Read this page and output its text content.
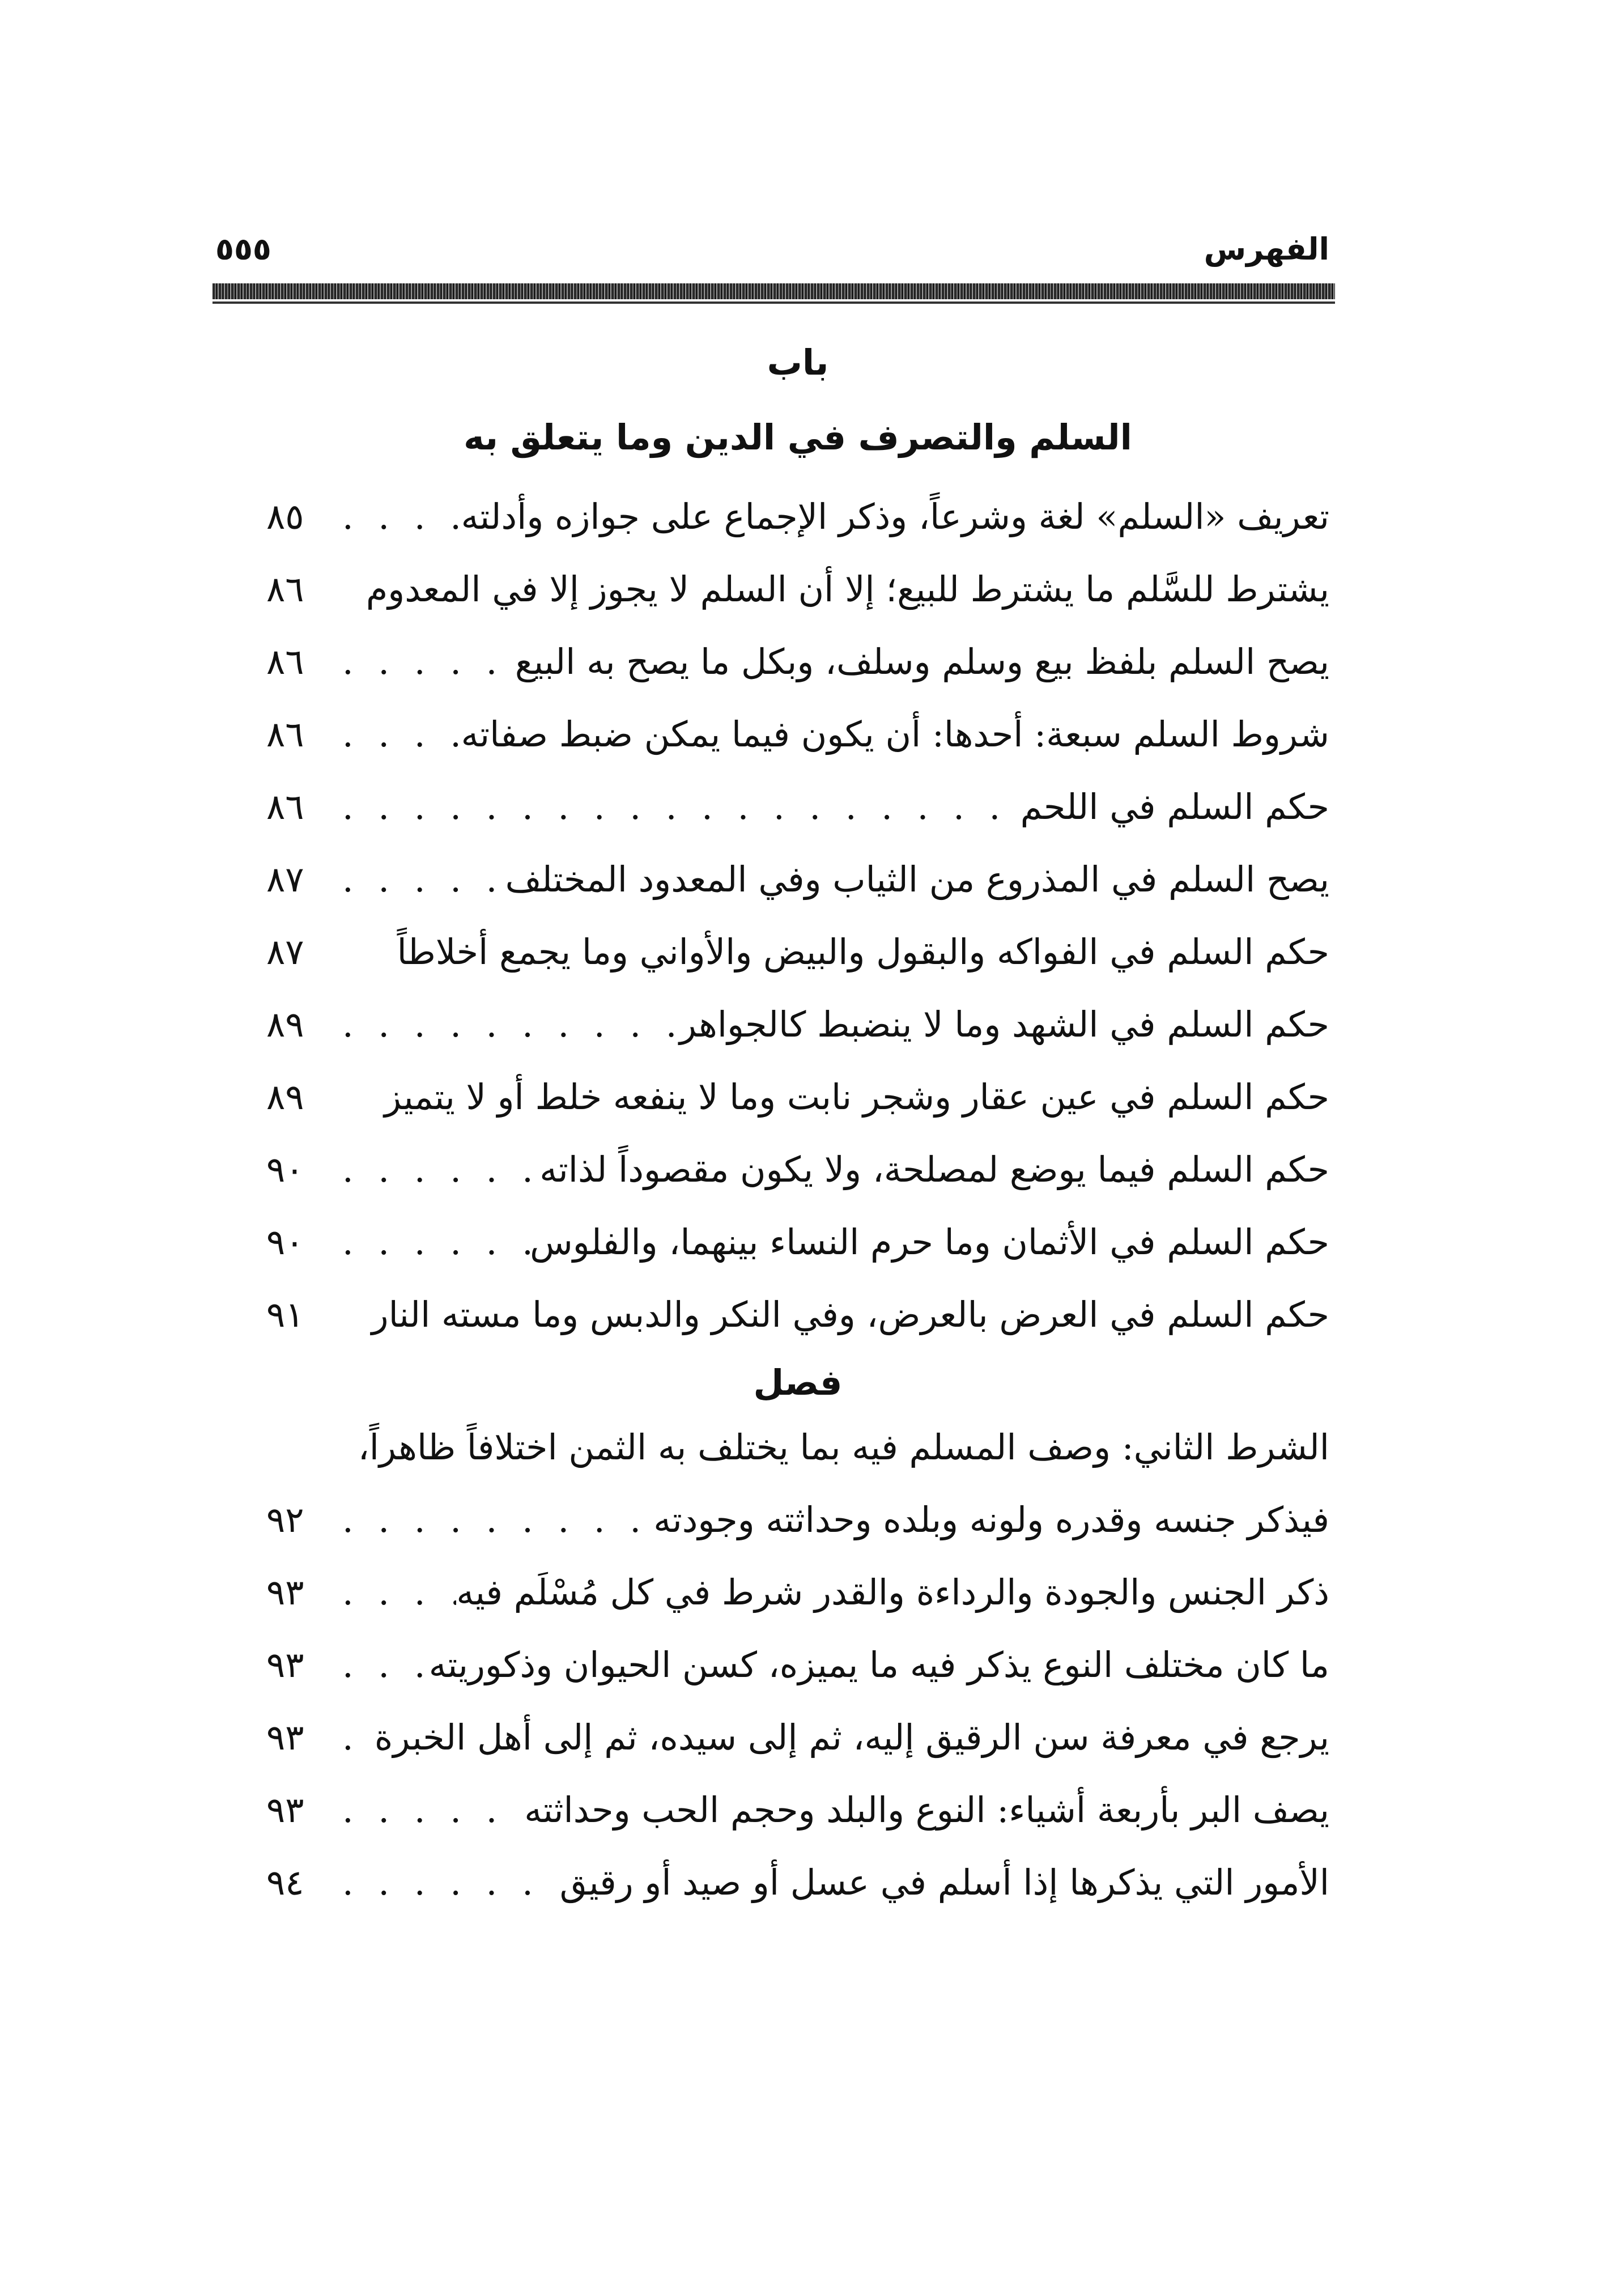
الفهرس
٥٥٥
باب
السلم والتصرف في الدين وما يتعلق به
تعريف «السلم» لغة وشرعاً، وذكر الإجماع على جوازه وأدلته
. . .
٨٥
يشترط للسَّلم ما يشترط للبيع؛ إلا أن السلم لا يجوز إلا في المعدوم
٨٦
يصح السلم بلفظ بيع وسلم وسلف، وبكل ما يصح به البيع
. . .
٨٦
شروط السلم سبعة: أحدها: أن يكون فيما يمكن ضبط صفاته
. . .
٨٦
حكم السلم في اللحم
. . .
٨٦
يصح السلم في المذروع من الثياب وفي المعدود المختلف
. . .
٨٧
حكم السلم في الفواكه والبقول والبيض والأواني وما يجمع أخلاطاً
٨٧
حكم السلم في الشهد وما لا ينضبط كالجواهر
. . .
٨٩
حكم السلم في عين عقار وشجر نابت وما لا ينفعه خلط أو لا يتميز
٨٩
حكم السلم فيما يوضع لمصلحة، ولا يكون مقصوداً لذاته
. . .
٩٠
حكم السلم في الأثمان وما حرم النساء بينهما، والفلوس
. . .
٩٠
حكم السلم في العرض بالعرض، وفي النكر والدبس وما مسته النار
٩١
فصل

الشرط الثاني: وصف المسلم فيه بما يختلف به الثمن اختلافاً ظاهراً،

فيذكر جنسه وقدره ولونه وبلده وحداثته وجودته
. . .
٩٢
ذكر الجنس والجودة والرداءة والقدر شرط في كل مُسْلَم فيه
. . .
٩٣
ما كان مختلف النوع يذكر فيه ما يميزه، كسن الحيوان وذكوريته
. . .
٩٣
يرجع في معرفة سن الرقيق إليه، ثم إلى سيده، ثم إلى أهل الخبرة
. . .
٩٣
يصف البر بأربعة أشياء: النوع والبلد وحجم الحب وحداثته
. . .
٩٣
الأمور التي يذكرها إذا أسلم في عسل أو صيد أو رقيق
. . .
٩٤
